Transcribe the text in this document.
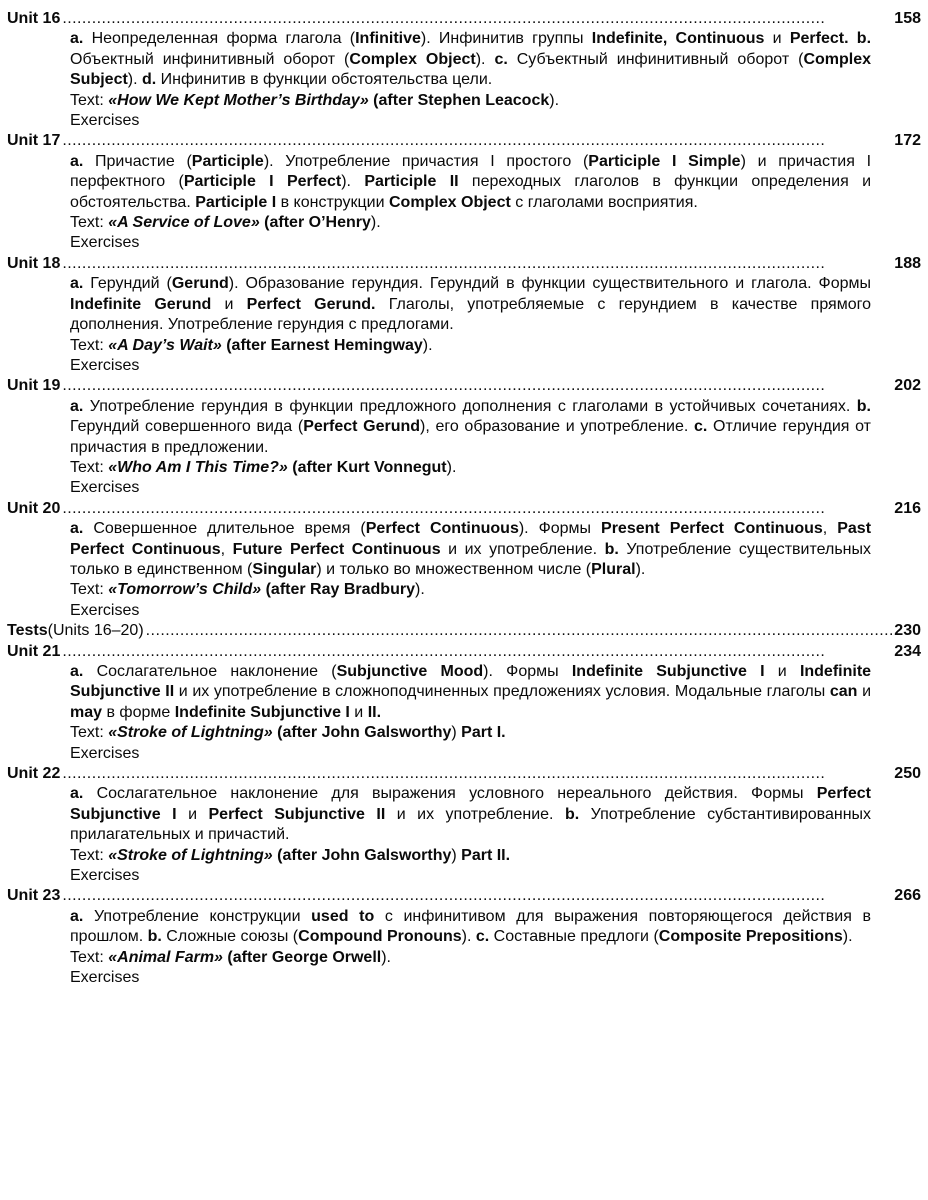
Unit 16 . . .	158
a. Неопределенная форма глагола (Infinitive). Инфинитив группы Indefinite, Continuous и Perfect. b. Объектный инфинитивный оборот (Complex Object). c. Субъектный инфинитивный оборот (Complex Subject). d. Инфинитив в функции обстоятельства цели.
Text: «How We Kept Mother’s Birthday» (after Stephen Leacock).
Exercises
Unit 17 . . .	172
a. Причастие (Participle). Употребление причастия I простого (Participle I Simple) и причастия I перфектного (Participle I Perfect). Participle II переходных глаголов в функции определения и обстоятельства. Participle I в конструкции Complex Object с глаголами восприятия.
Text: «A Service of Love» (after O’Henry).
Exercises
Unit 18 . . .	188
a. Герундий (Gerund). Образование герундия. Герундий в функции существительного и глагола. Формы Indefinite Gerund и Perfect Gerund. Глаголы, употребляемые с герундием в качестве прямого дополнения. Употребление герундия с предлогами.
Text: «A Day’s Wait» (after Earnest Hemingway).
Exercises
Unit 19 . . .	202
a. Употребление герундия в функции предложного дополнения с глаголами в устойчивых сочетаниях. b. Герундий совершенного вида (Perfect Gerund), его образование и употребление. c. Отличие герундия от причастия в предложении.
Text: «Who Am I This Time?» (after Kurt Vonnegut).
Exercises
Unit 20 . . .	216
a. Совершенное длительное время (Perfect Continuous). Формы Present Perfect Continuous, Past Perfect Continuous, Future Perfect Continuous и их употребление. b. Употребление существительных только в единственном (Singular) и только во множественном числе (Plural).
Text: «Tomorrow’s Child» (after Ray Bradbury).
Exercises
Tests (Units 16–20) . . .	230
Unit 21 . . .	234
a. Сослагательное наклонение (Subjunctive Mood). Формы Indefinite Subjunctive I и Indefinite Subjunctive II и их употребление в сложноподчиненных предложениях условия. Модальные глаголы can и may в форме Indefinite Subjunctive I и II.
Text: «Stroke of Lightning» (after John Galsworthy) Part I.
Exercises
Unit 22 . . .	250
a. Сослагательное наклонение для выражения условного нереального действия. Формы Perfect Subjunctive I и Perfect Subjunctive II и их употребление. b. Употребление субстантивированных прилагательных и причастий.
Text: «Stroke of Lightning» (after John Galsworthy) Part II.
Exercises
Unit 23 . . .	266
a. Употребление конструкции used to с инфинитивом для выражения повторяющегося действия в прошлом. b. Сложные союзы (Compound Pronouns). c. Составные предлоги (Composite Prepositions).
Text: «Animal Farm» (after George Orwell).
Exercises
